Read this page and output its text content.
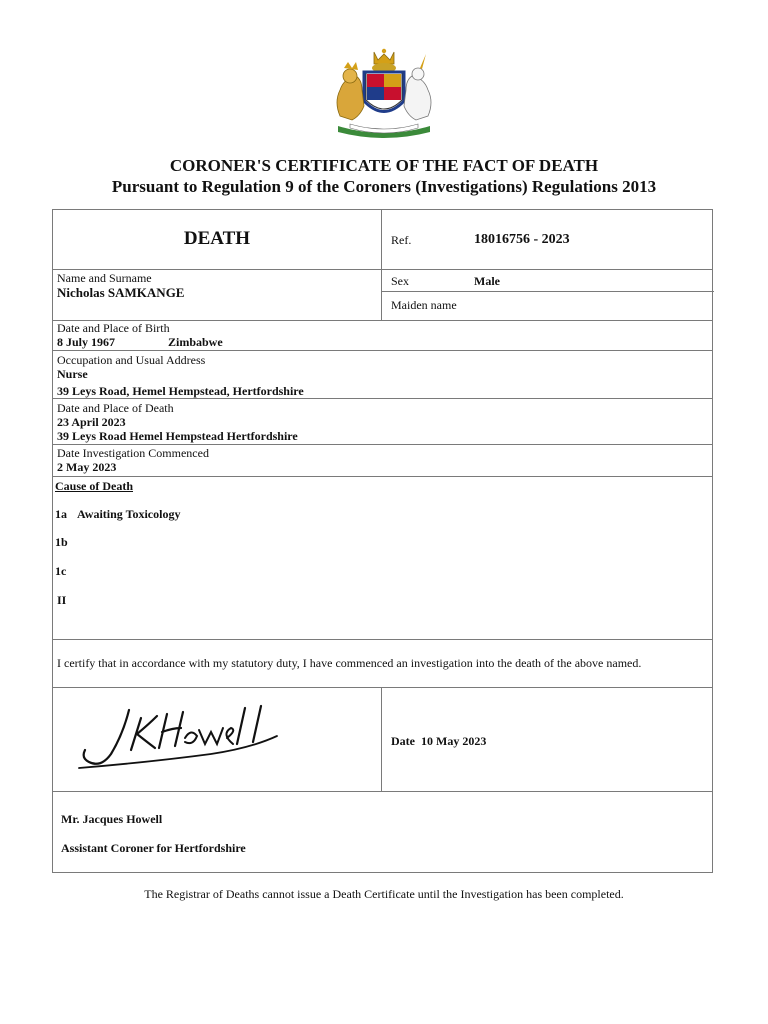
CORONER'S CERTIFICATE OF THE FACT OF DEATH
Pursuant to Regulation 9 of the Coroners (Investigations) Regulations 2013
DEATH	Ref.	18016756 - 2023
Name and Surname
Nicholas SAMKANGE
Sex	Male
Maiden name
Date and Place of Birth
8 July 1967	Zimbabwe
Occupation and Usual Address
Nurse
39 Leys Road, Hemel Hempstead, Hertfordshire
Date and Place of Death
23 April 2023
39 Leys Road Hemel Hempstead Hertfordshire
Date Investigation Commenced
2 May 2023
Cause of Death
1a Awaiting Toxicology
1b
1c
II
I certify that in accordance with my statutory duty, I have commenced an investigation into the death of the above named.
Date 10 May 2023
Mr. Jacques Howell
Assistant Coroner for Hertfordshire
The Registrar of Deaths cannot issue a Death Certificate until the Investigation has been completed.
